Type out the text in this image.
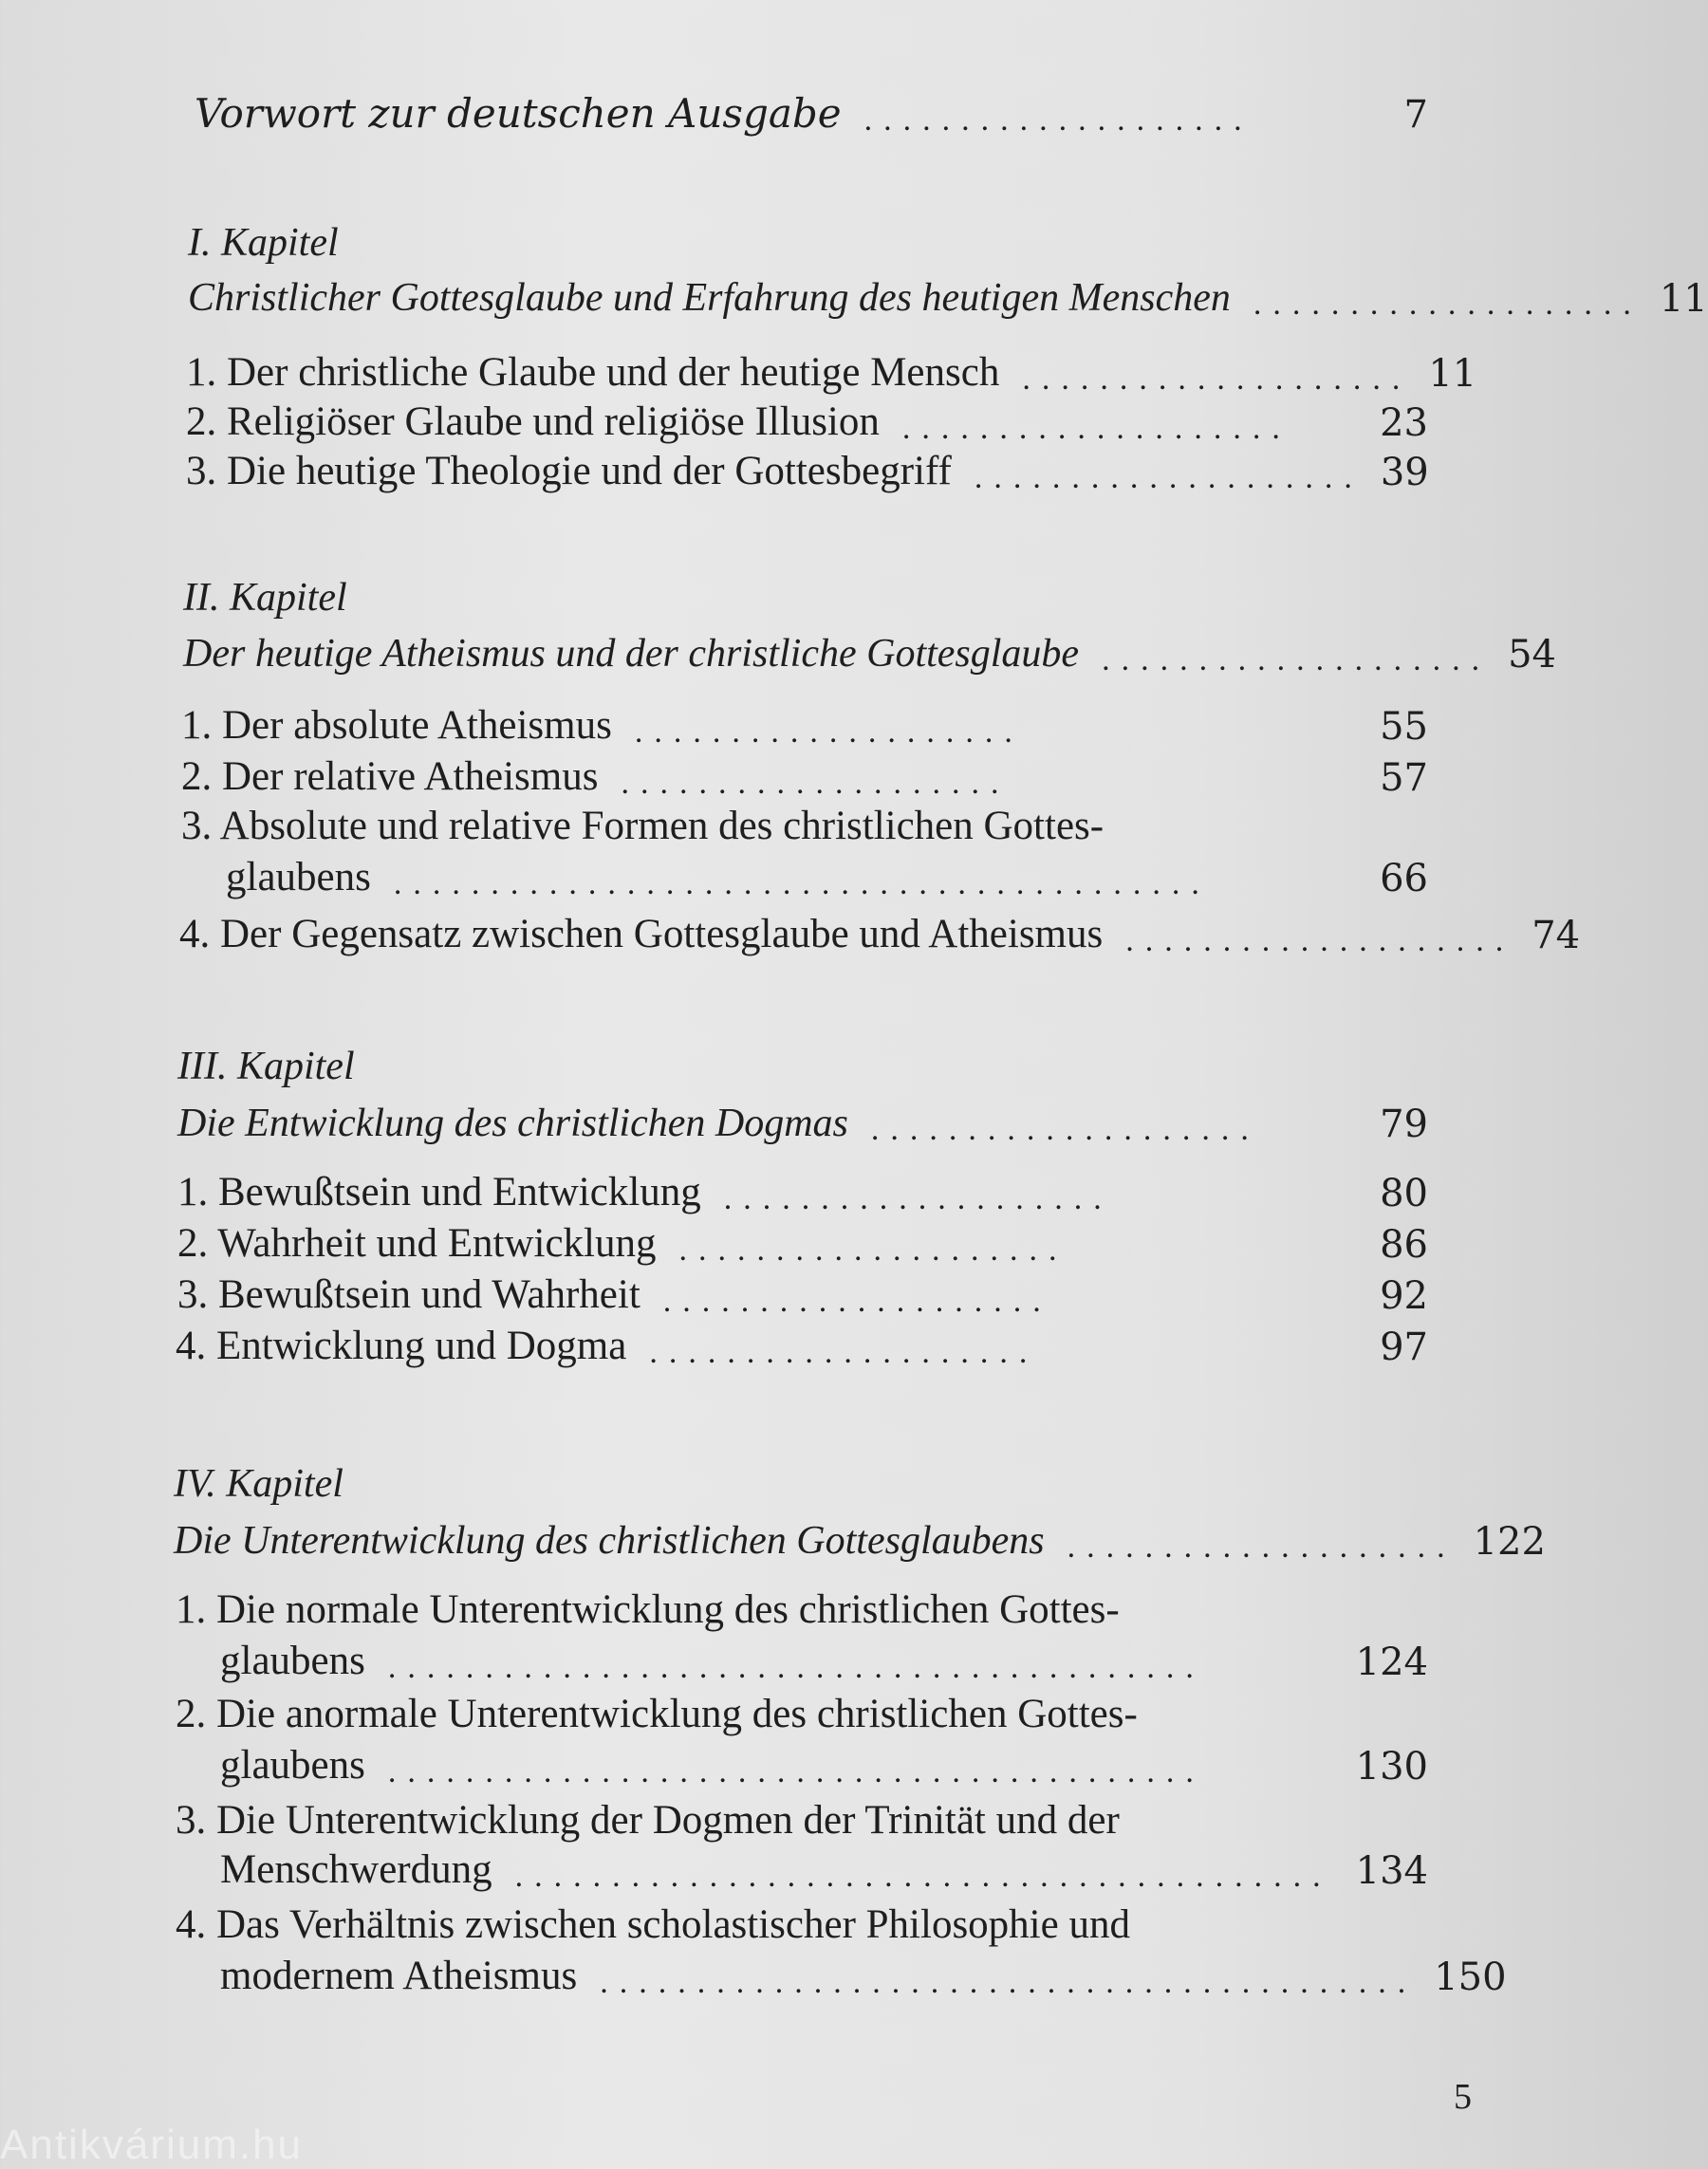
Vorwort zur deutschen Ausgabe ....................	7
I. Kapitel
Christlicher Gottesglaube und Erfahrung des heutigen Menschen .................... 11
1. Der christliche Glaube und der heutige Mensch .................... 11
2. Religiöser Glaube und religiöse Illusion ....................	23
3. Die heutige Theologie und der Gottesbegriff .................... 39
II. Kapitel
Der heutige Atheismus und der christliche Gottesglaube .................... 54
1. Der absolute Atheismus ....................	55
2. Der relative Atheismus ....................	57
3. Absolute und relative Formen des christlichen Gottes-
glaubens ..........................................	66
4. Der Gegensatz zwischen Gottesglaube und Atheismus .................... 74
III. Kapitel
Die Entwicklung des christlichen Dogmas ....................	79
1. Bewußtsein und Entwicklung ....................	80
2. Wahrheit und Entwicklung ....................	86
3. Bewußtsein und Wahrheit ....................	92
4. Entwicklung und Dogma ....................	97
IV. Kapitel
Die Unterentwicklung des christlichen Gottesglaubens .................... 122
1. Die normale Unterentwicklung des christlichen Gottes-
glaubens ..........................................	124
2. Die anormale Unterentwicklung des christlichen Gottes-
glaubens ..........................................	130
3. Die Unterentwicklung der Dogmen der Trinität und der
Menschwerdung .......................................... 134
4. Das Verhältnis zwischen scholastischer Philosophie und
modernem Atheismus .......................................... 150
5
Antikvárium.hu
